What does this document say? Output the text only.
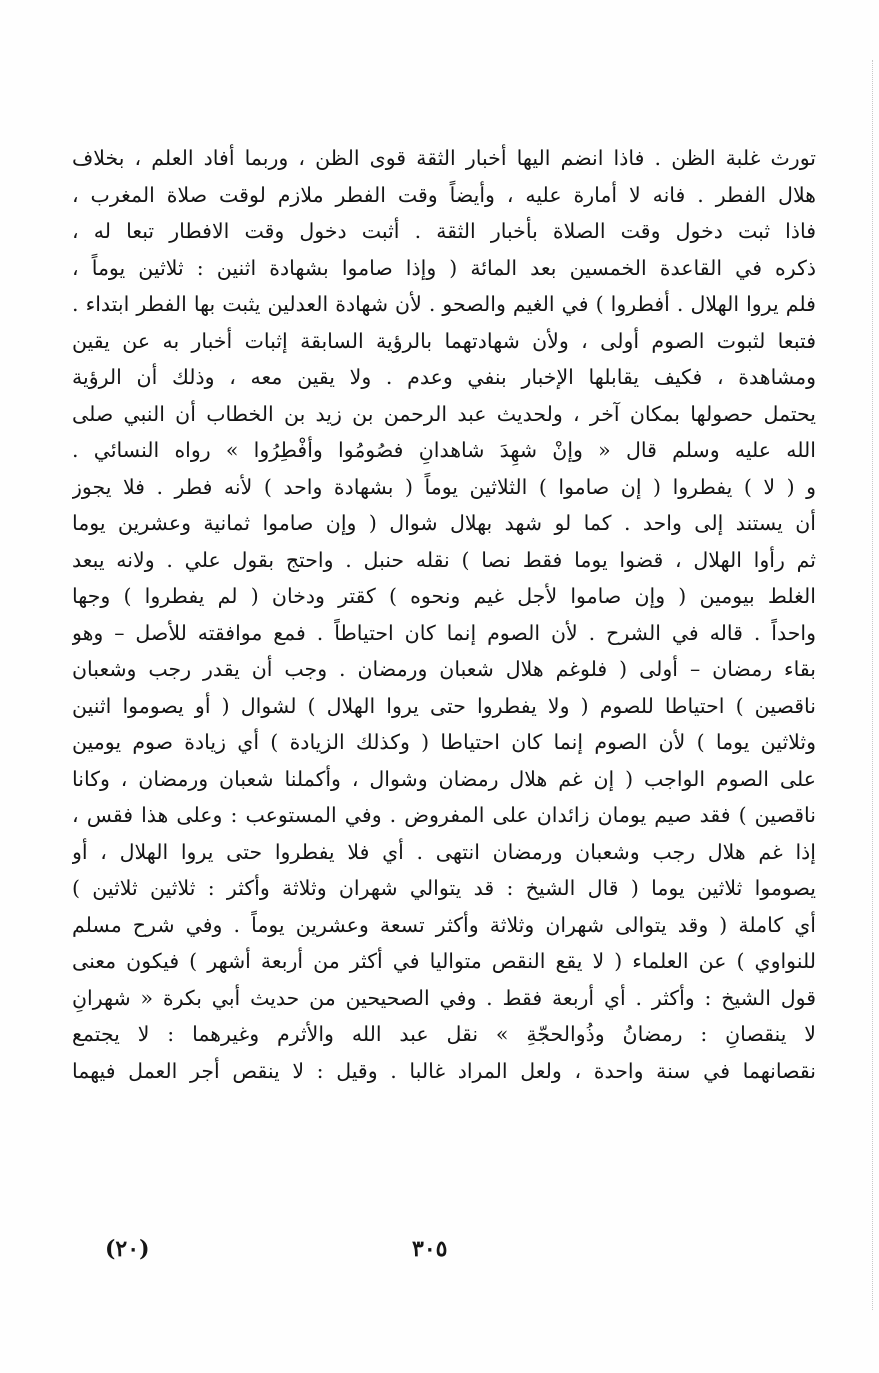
تورث غلبة الظن . فاذا انضم اليها أخبار الثقة قوى الظن ، وربما أفاد العلم ، بخلاف
هلال الفطر . فانه لا أمارة عليه ، وأيضاً وقت الفطر ملازم لوقت صلاة المغرب ،
فاذا ثبت دخول وقت الصلاة بأخبار الثقة . أثبت دخول وقت الافطار تبعا له ،
ذكره في القاعدة الخمسين بعد المائة ( وإذا صاموا بشهادة اثنين : ثلاثين يوماً ،
فلم يروا الهلال . أفطروا ) في الغيم والصحو . لأن شهادة العدلين يثبت بها الفطر ابتداء .
فتبعا لثبوت الصوم أولى ، ولأن شهادتهما بالرؤية السابقة إثبات أخبار به عن يقين
ومشاهدة ، فكيف يقابلها الإخبار بنفي وعدم . ولا يقين معه ، وذلك أن الرؤية
يحتمل حصولها بمكان آخر ، ولحديث عبد الرحمن بن زيد بن الخطاب أن النبي صلى
الله عليه وسلم قال « وإنْ شهِدَ شاهدانِ فصُومُوا وأفْطِرُوا » رواه النسائي .
و ( لا ) يفطروا ( إن صاموا ) الثلاثين يوماً ( بشهادة واحد ) لأنه فطر . فلا يجوز
أن يستند إلى واحد . كما لو شهد بهلال شوال ( وإن صاموا ثمانية وعشرين يوما
ثم رأوا الهلال ، قضوا يوما فقط نصا ) نقله حنبل . واحتج بقول علي . ولانه يبعد
الغلط بيومين ( وإن صاموا لأجل غيم ونحوه ) كقتر ودخان ( لم يفطروا ) وجها
واحداً . قاله في الشرح . لأن الصوم إنما كان احتياطاً . فمع موافقته للأصل – وهو
بقاء رمضان – أولى ( فلوغم هلال شعبان ورمضان . وجب أن يقدر رجب وشعبان
ناقصين ) احتياطا للصوم ( ولا يفطروا حتى يروا الهلال ) لشوال ( أو يصوموا اثنين
وثلاثين يوما ) لأن الصوم إنما كان احتياطا ( وكذلك الزيادة ) أي زيادة صوم يومين
على الصوم الواجب ( إن غم هلال رمضان وشوال ، وأكملنا شعبان ورمضان ، وكانا
ناقصين ) فقد صيم يومان زائدان على المفروض . وفي المستوعب : وعلى هذا فقس ،
إذا غم هلال رجب وشعبان ورمضان انتهى . أي فلا يفطروا حتى يروا الهلال ، أو
يصوموا ثلاثين يوما ( قال الشيخ : قد يتوالي شهران وثلاثة وأكثر : ثلاثين ثلاثين )
أي كاملة ( وقد يتوالى شهران وثلاثة وأكثر تسعة وعشرين يوماً . وفي شرح مسلم
للنواوي ) عن العلماء ( لا يقع النقص متواليا في أكثر من أربعة أشهر ) فيكون معنى
قول الشيخ : وأكثر . أي أربعة فقط . وفي الصحيحين من حديث أبي بكرة « شهرانِ
لا ينقصانِ : رمضانُ وذُوالحجّةِ » نقل عبد الله والأثرم وغيرهما : لا يجتمع
نقصانهما في سنة واحدة ، ولعل المراد غالبا . وقيل : لا ينقص أجر العمل فيهما
(٢٠)	٣٠٥
